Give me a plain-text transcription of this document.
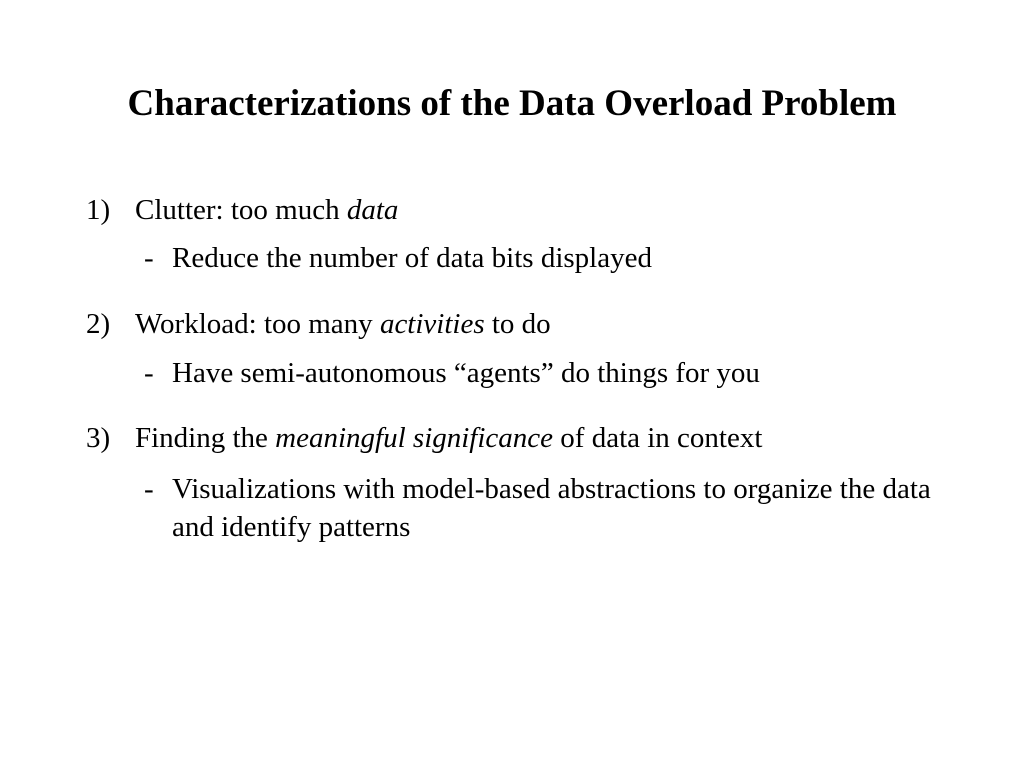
Characterizations of the Data Overload Problem
1) Clutter: too much data
- Reduce the number of data bits displayed
2) Workload: too many activities to do
- Have semi-autonomous “agents” do things for you
3) Finding the meaningful significance of data in context
- Visualizations with model-based abstractions to organize the data and identify patterns
